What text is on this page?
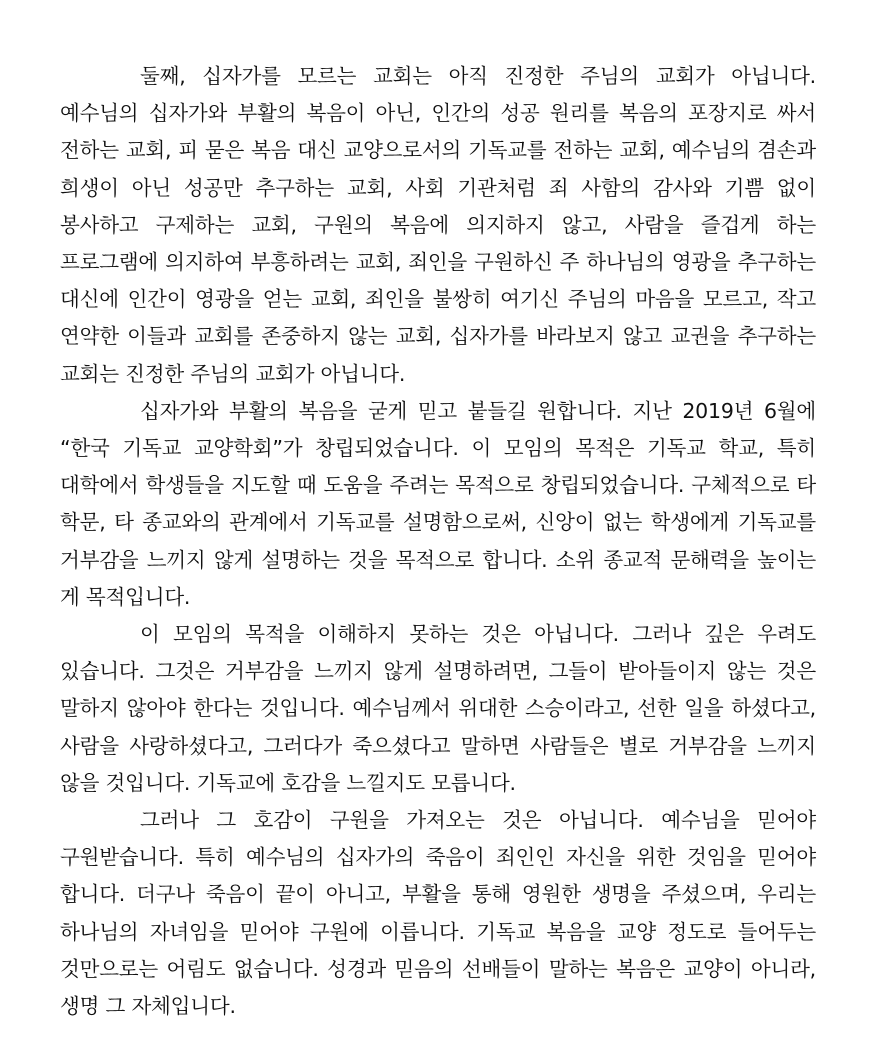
둘째, 십자가를 모르는 교회는 아직 진정한 주님의 교회가 아닙니다. 예수님의 십자가와 부활의 복음이 아닌, 인간의 성공 원리를 복음의 포장지로 싸서 전하는 교회, 피 묻은 복음 대신 교양으로서의 기독교를 전하는 교회, 예수님의 겸손과 희생이 아닌 성공만 추구하는 교회, 사회 기관처럼 죄 사함의 감사와 기쁨 없이 봉사하고 구제하는 교회, 구원의 복음에 의지하지 않고, 사람을 즐겁게 하는 프로그램에 의지하여 부흥하려는 교회, 죄인을 구원하신 주 하나님의 영광을 추구하는 대신에 인간이 영광을 얻는 교회, 죄인을 불쌍히 여기신 주님의 마음을 모르고, 작고 연약한 이들과 교회를 존중하지 않는 교회, 십자가를 바라보지 않고 교권을 추구하는 교회는 진정한 주님의 교회가 아닙니다.

십자가와 부활의 복음을 굳게 믿고 붙들길 원합니다. 지난 2019년 6월에 “한국 기독교 교양학회”가 창립되었습니다. 이 모임의 목적은 기독교 학교, 특히 대학에서 학생들을 지도할 때 도움을 주려는 목적으로 창립되었습니다. 구체적으로 타 학문, 타 종교와의 관계에서 기독교를 설명함으로써, 신앙이 없는 학생에게 기독교를 거부감을 느끼지 않게 설명하는 것을 목적으로 합니다. 소위 종교적 문해력을 높이는 게 목적입니다.

이 모임의 목적을 이해하지 못하는 것은 아닙니다. 그러나 깊은 우려도 있습니다. 그것은 거부감을 느끼지 않게 설명하려면, 그들이 받아들이지 않는 것은 말하지 않아야 한다는 것입니다. 예수님께서 위대한 스승이라고, 선한 일을 하셨다고, 사람을 사랑하셨다고, 그러다가 죽으셨다고 말하면 사람들은 별로 거부감을 느끼지 않을 것입니다. 기독교에 호감을 느낄지도 모릅니다.

그러나 그 호감이 구원을 가져오는 것은 아닙니다. 예수님을 믿어야 구원받습니다. 특히 예수님의 십자가의 죽음이 죄인인 자신을 위한 것임을 믿어야 합니다. 더구나 죽음이 끝이 아니고, 부활을 통해 영원한 생명을 주셨으며, 우리는 하나님의 자녀임을 믿어야 구원에 이릅니다. 기독교 복음을 교양 정도로 들어두는 것만으로는 어림도 없습니다. 성경과 믿음의 선배들이 말하는 복음은 교양이 아니라, 생명 그 자체입니다.
